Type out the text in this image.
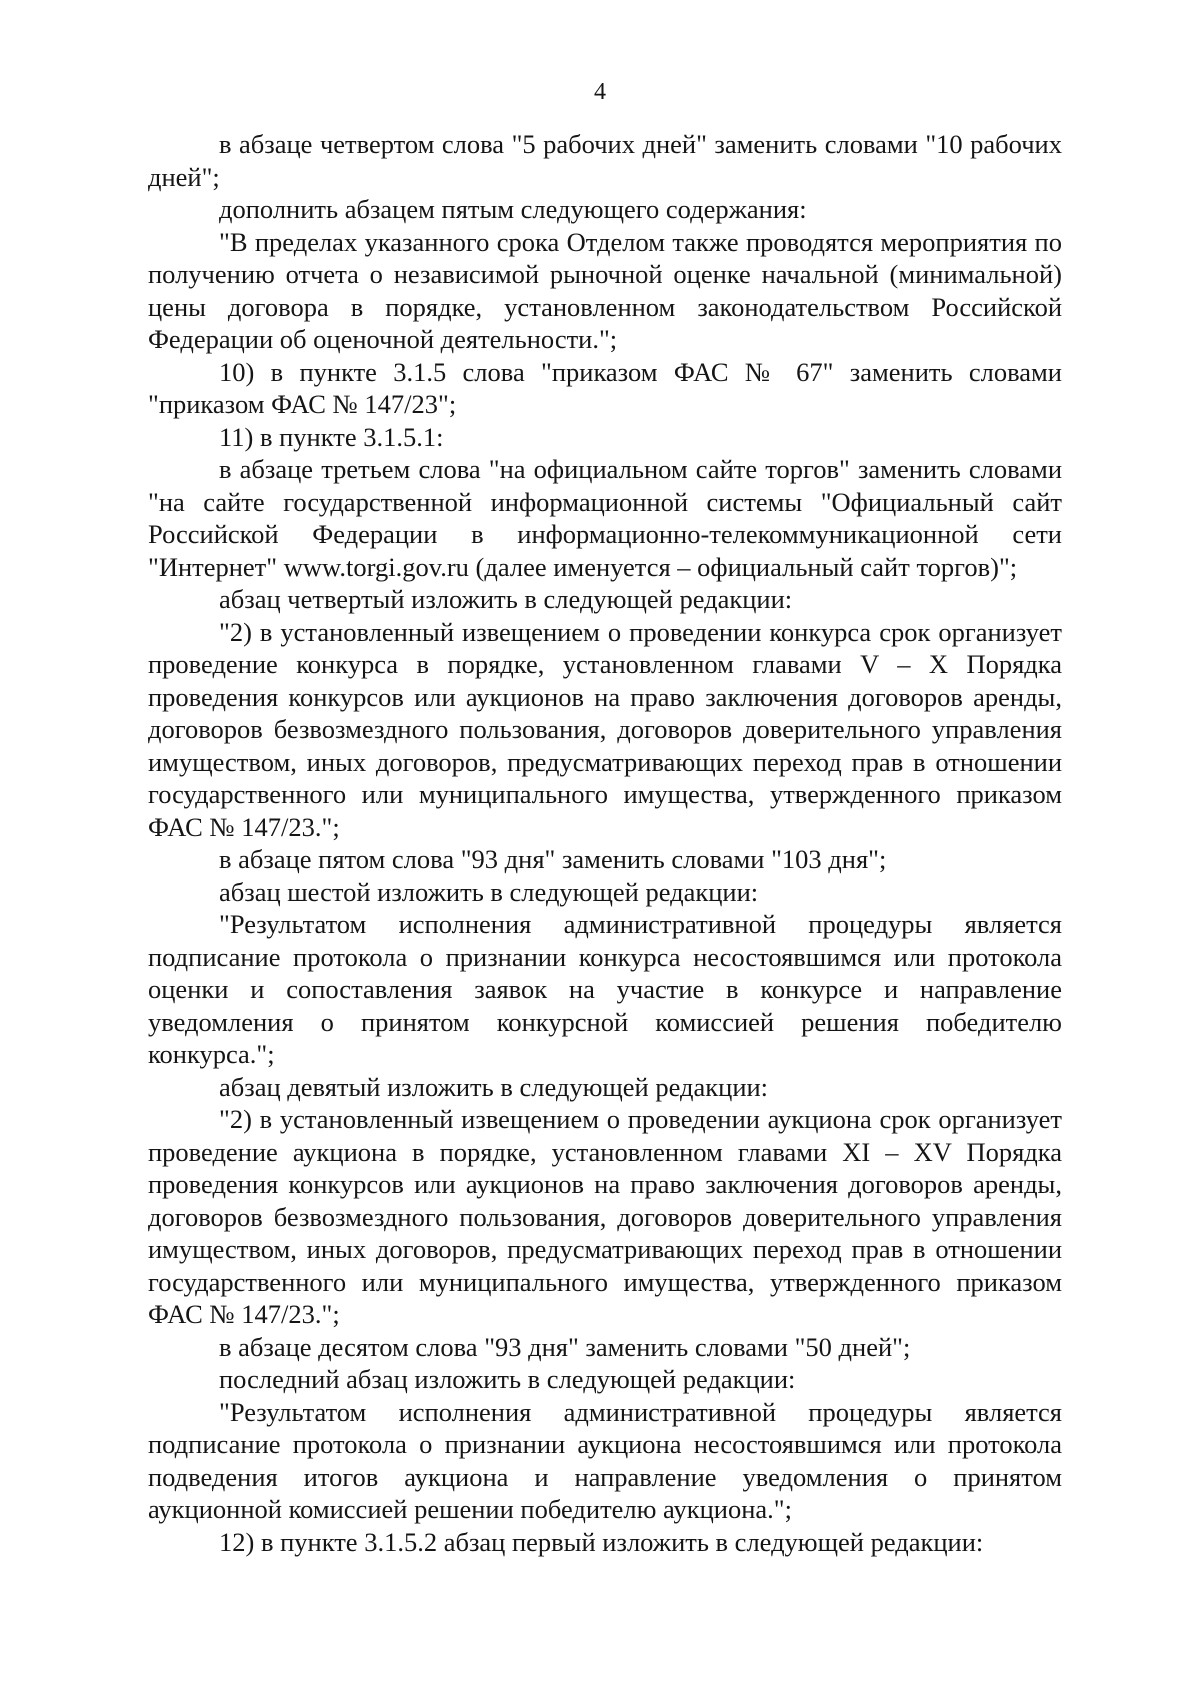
4

в абзаце четвертом слова "5 рабочих дней" заменить словами "10 рабочих дней";

дополнить абзацем пятым следующего содержания:

"В пределах указанного срока Отделом также проводятся мероприятия по получению отчета о независимой рыночной оценке начальной (минимальной) цены договора в порядке, установленном законодательством Российской Федерации об оценочной деятельности.";

10) в пункте 3.1.5 слова "приказом ФАС № 67" заменить словами "приказом ФАС № 147/23";

11) в пункте 3.1.5.1:

в абзаце третьем слова "на официальном сайте торгов" заменить словами "на сайте государственной информационной системы "Официальный сайт Российской Федерации в информационно-телекоммуникационной сети "Интернет" www.torgi.gov.ru (далее именуется – официальный сайт торгов)";

абзац четвертый изложить в следующей редакции:

"2) в установленный извещением о проведении конкурса срок организует проведение конкурса в порядке, установленном главами V – X Порядка проведения конкурсов или аукционов на право заключения договоров аренды, договоров безвозмездного пользования, договоров доверительного управления имуществом, иных договоров, предусматривающих переход прав в отношении государственного или муниципального имущества, утвержденного приказом ФАС № 147/23.";

в абзаце пятом слова "93 дня" заменить словами "103 дня";

абзац шестой изложить в следующей редакции:

"Результатом исполнения административной процедуры является подписание протокола о признании конкурса несостоявшимся или протокола оценки и сопоставления заявок на участие в конкурсе и направление уведомления о принятом конкурсной комиссией решения победителю конкурса.";

абзац девятый изложить в следующей редакции:

"2) в установленный извещением о проведении аукциона срок организует проведение аукциона в порядке, установленном главами XI – XV Порядка проведения конкурсов или аукционов на право заключения договоров аренды, договоров безвозмездного пользования, договоров доверительного управления имуществом, иных договоров, предусматривающих переход прав в отношении государственного или муниципального имущества, утвержденного приказом ФАС № 147/23.";

в абзаце десятом слова "93 дня" заменить словами "50 дней";

последний абзац изложить в следующей редакции:

"Результатом исполнения административной процедуры является подписание протокола о признании аукциона несостоявшимся или протокола подведения итогов аукциона и направление уведомления о принятом аукционной комиссией решении победителю аукциона.";

12) в пункте 3.1.5.2 абзац первый изложить в следующей редакции:
